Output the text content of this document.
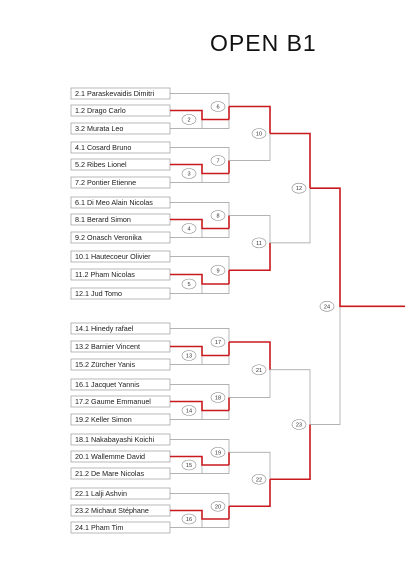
OPEN B1
2.1 Paraskevaidis Dimitri
1.2 Drago Carlo
3.2 Murata Leo
4.1 Cosard Bruno
5.2 Ribes Lionel
7.2 Pontier Etienne
6.1 Di Meo Alain Nicolas
8.1 Berard Simon
9.2 Onasch Veronika
10.1 Hautecoeur Olivier
11.2 Pham Nicolas
12.1 Jud Tomo
14.1 Hinedy rafael
13.2 Barnier Vincent
15.2 Zürcher Yanis
16.1 Jacquet Yannis
17.2 Gaume Emmanuel
19.2 Keller Simon
18.1 Nakabayashi Koichi
20.1 Wallemme David
21.2 De Mare Nicolas
22.1 Lalji Ashvin
23.2 Michaut Stéphane
24.1 Pham Tim
2
6
3
7
4
8
5
9
13
17
14
18
15
19
16
20
10
11
21
22
12
23
24
